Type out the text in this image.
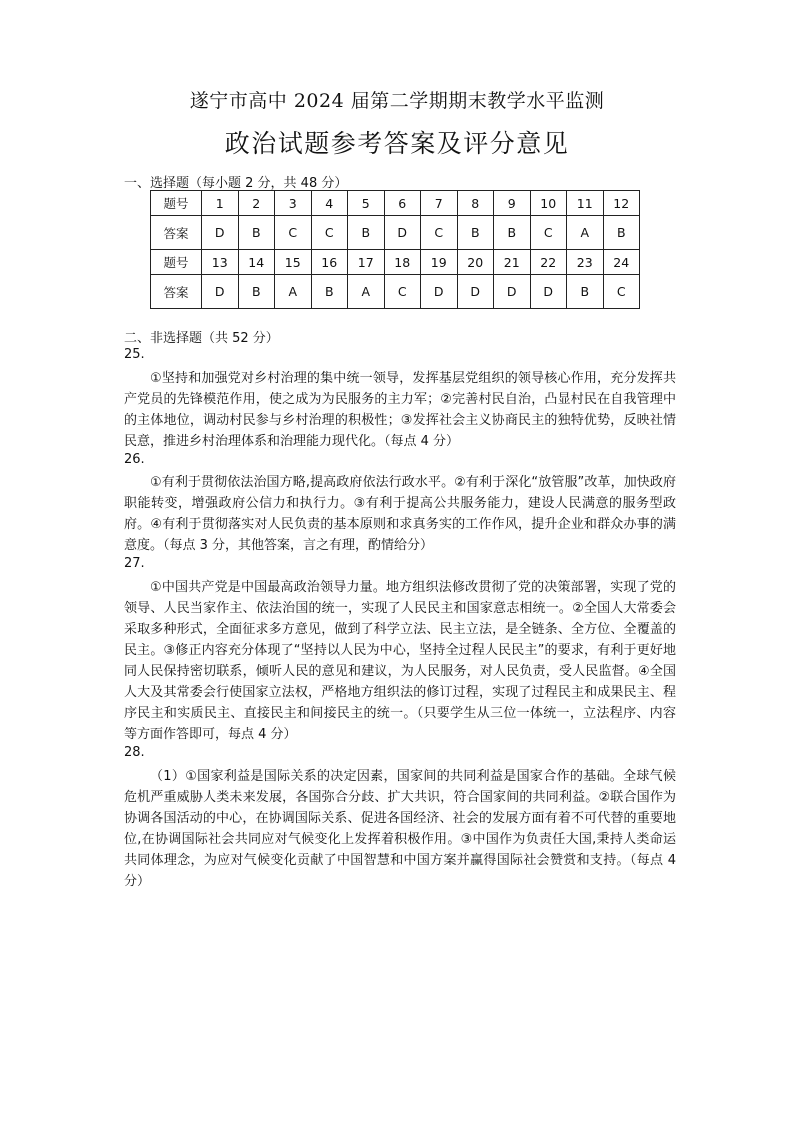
遂宁市高中 2024 届第二学期期末教学水平监测
政治试题参考答案及评分意见
一、选择题（每小题 2 分，共 48 分）
题号	1	2	3	4	5	6	7	8	9	10	11	12
答案	D	B	C	C	B	D	C	B	B	C	A	B
题号	13	14	15	16	17	18	19	20	21	22	23	24
答案	D	B	A	B	A	C	D	D	D	D	B	C
二、非选择题（共 52 分）
25.

①坚持和加强党对乡村治理的集中统一领导，发挥基层党组织的领导核心作用，充分发挥共产党员的先锋模范作用，使之成为为民服务的主力军；②完善村民自治，凸显村民在自我管理中的主体地位，调动村民参与乡村治理的积极性；③发挥社会主义协商民主的独特优势，反映社情民意，推进乡村治理体系和治理能力现代化。（每点 4 分）

26.

①有利于贯彻依法治国方略,提高政府依法行政水平。②有利于深化“放管服”改革，加快政府职能转变，增强政府公信力和执行力。③有利于提高公共服务能力，建设人民满意的服务型政府。④有利于贯彻落实对人民负责的基本原则和求真务实的工作作风，提升企业和群众办事的满意度。（每点 3 分，其他答案，言之有理，酌情给分）

27.

①中国共产党是中国最高政治领导力量。地方组织法修改贯彻了党的决策部署，实现了党的领导、人民当家作主、依法治国的统一，实现了人民民主和国家意志相统一。②全国人大常委会采取多种形式，全面征求多方意见，做到了科学立法、民主立法，是全链条、全方位、全覆盖的民主。③修正内容充分体现了“坚持以人民为中心，坚持全过程人民民主”的要求，有利于更好地同人民保持密切联系，倾听人民的意见和建议，为人民服务，对人民负责，受人民监督。④全国人大及其常委会行使国家立法权，严格地方组织法的修订过程，实现了过程民主和成果民主、程序民主和实质民主、直接民主和间接民主的统一。（只要学生从三位一体统一，立法程序、内容等方面作答即可，每点 4 分）

28.

（1）①国家利益是国际关系的决定因素，国家间的共同利益是国家合作的基础。全球气候危机严重威胁人类未来发展，各国弥合分歧、扩大共识，符合国家间的共同利益。②联合国作为协调各国活动的中心，在协调国际关系、促进各国经济、社会的发展方面有着不可代替的重要地位,在协调国际社会共同应对气候变化上发挥着积极作用。③中国作为负责任大国,秉持人类命运共同体理念，为应对气候变化贡献了中国智慧和中国方案并赢得国际社会赞赏和支持。（每点 4 分）
